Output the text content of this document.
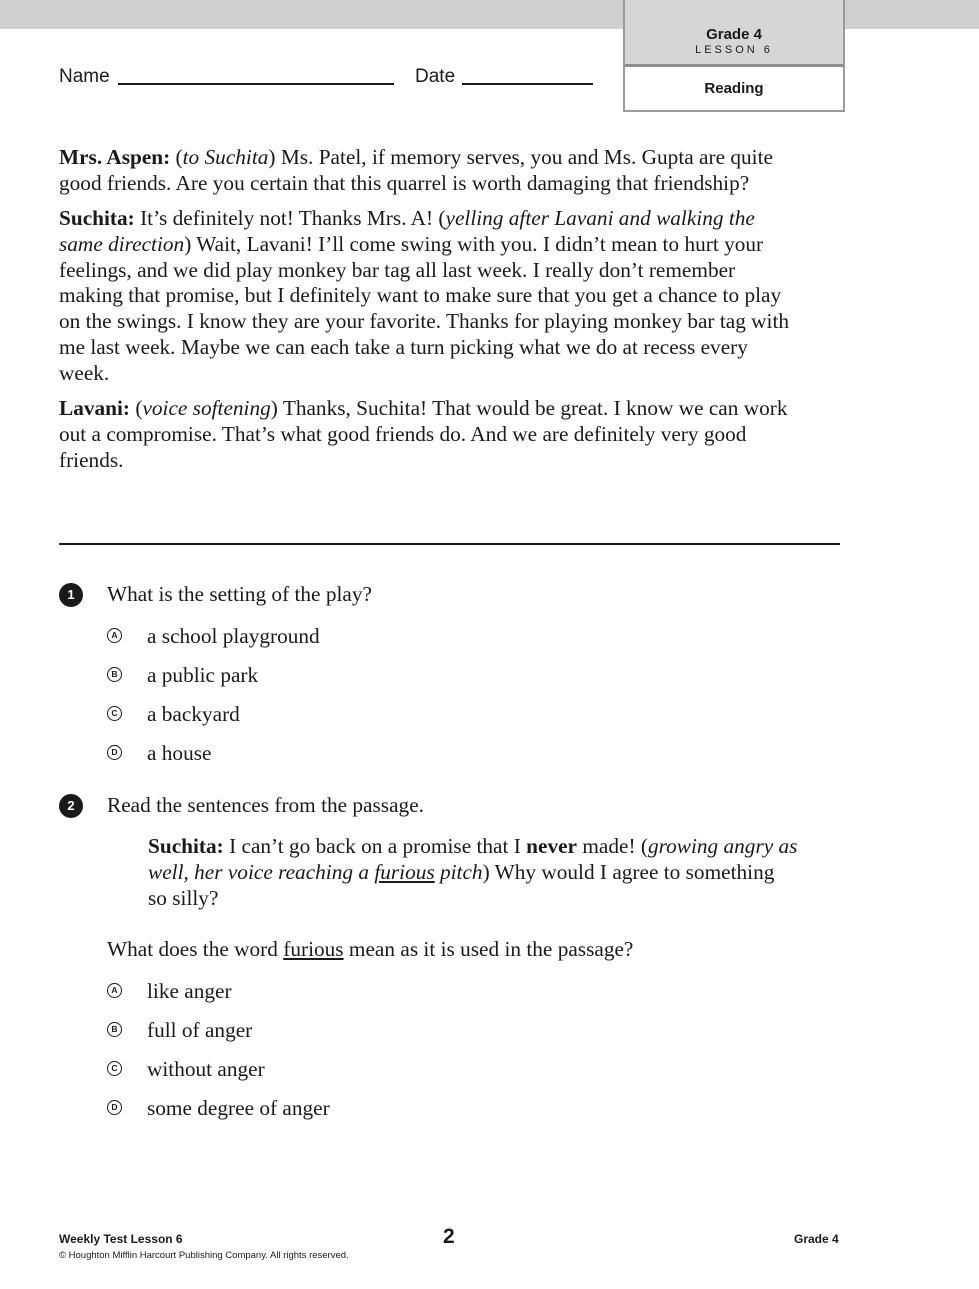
Grade 4
LESSON 6
Reading
Name	Date

Mrs. Aspen: (to Suchita) Ms. Patel, if memory serves, you and Ms. Gupta are quite good friends. Are you certain that this quarrel is worth damaging that friendship?

Suchita: It’s definitely not! Thanks Mrs. A! (yelling after Lavani and walking the same direction) Wait, Lavani! I’ll come swing with you. I didn’t mean to hurt your feelings, and we did play monkey bar tag all last week. I really don’t remember making that promise, but I definitely want to make sure that you get a chance to play on the swings. I know they are your favorite. Thanks for playing monkey bar tag with me last week. Maybe we can each take a turn picking what we do at recess every week.

Lavani: (voice softening) Thanks, Suchita! That would be great. I know we can work out a compromise. That’s what good friends do. And we are definitely very good friends.

1	What is the setting of the play?
A a school playground
B a public park
C a backyard
D a house
2	Read the sentences from the passage.
Suchita: I can’t go back on a promise that I never made! (growing angry as well, her voice reaching a furious pitch) Why would I agree to something so silly?
What does the word furious mean as it is used in the passage?
A like anger
B full of anger
C without anger
D some degree of anger
Weekly Test Lesson 6
© Houghton Mifflin Harcourt Publishing Company. All rights reserved.
2	Grade 4
